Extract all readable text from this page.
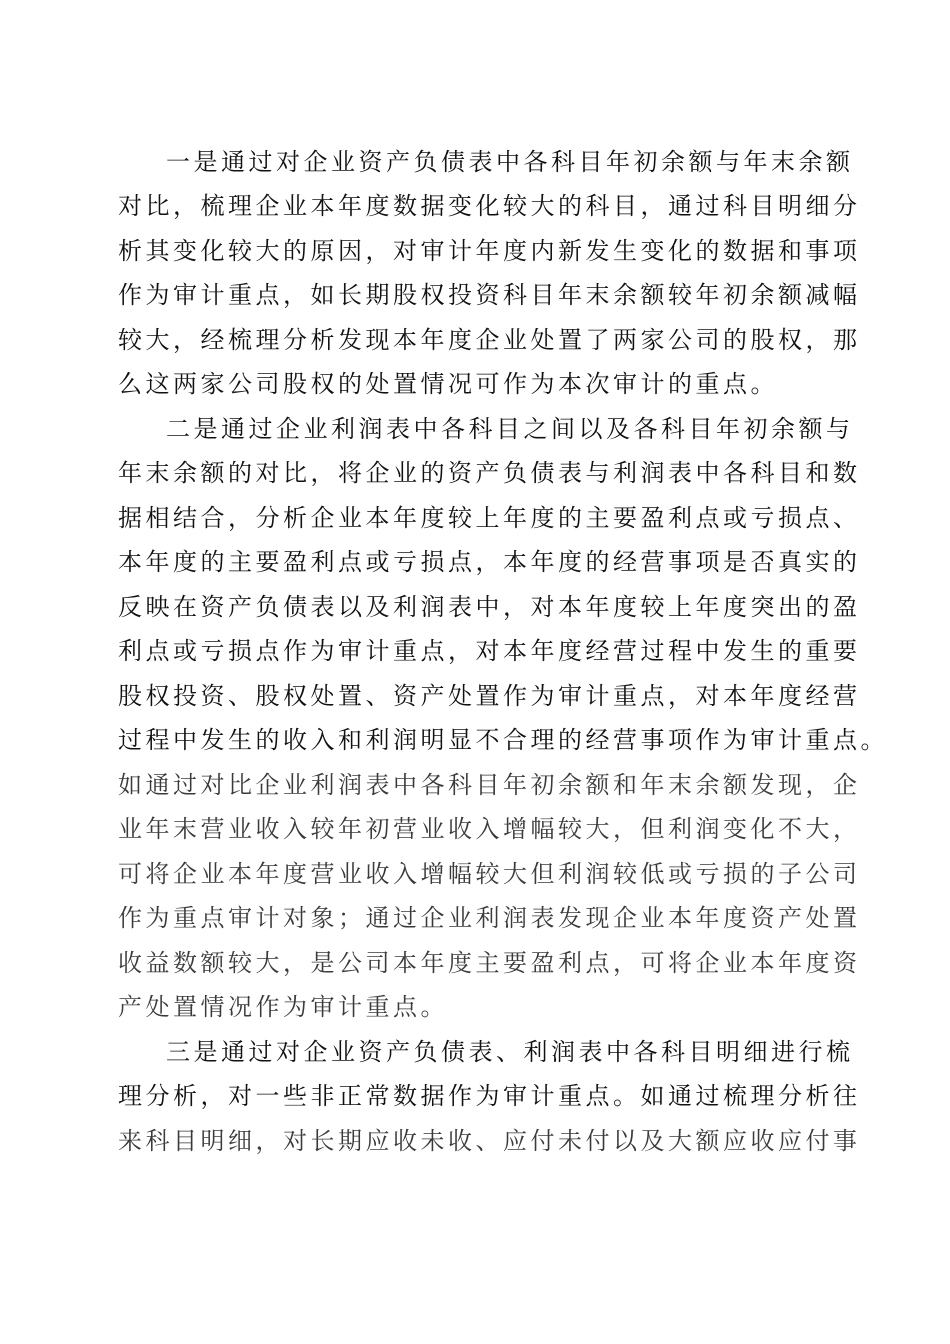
一是通过对企业资产负债表中各科目年初余额与年末余额
对比，梳理企业本年度数据变化较大的科目，通过科目明细分
析其变化较大的原因，对审计年度内新发生变化的数据和事项
作为审计重点，如长期股权投资科目年末余额较年初余额减幅
较大，经梳理分析发现本年度企业处置了两家公司的股权，那
么这两家公司股权的处置情况可作为本次审计的重点。
二是通过企业利润表中各科目之间以及各科目年初余额与
年末余额的对比，将企业的资产负债表与利润表中各科目和数
据相结合，分析企业本年度较上年度的主要盈利点或亏损点、
本年度的主要盈利点或亏损点，本年度的经营事项是否真实的
反映在资产负债表以及利润表中，对本年度较上年度突出的盈
利点或亏损点作为审计重点，对本年度经营过程中发生的重要
股权投资、股权处置、资产处置作为审计重点，对本年度经营
过程中发生的收入和利润明显不合理的经营事项作为审计重点。
如通过对比企业利润表中各科目年初余额和年末余额发现，企
业年末营业收入较年初营业收入增幅较大，但利润变化不大，
可将企业本年度营业收入增幅较大但利润较低或亏损的子公司
作为重点审计对象；通过企业利润表发现企业本年度资产处置
收益数额较大，是公司本年度主要盈利点，可将企业本年度资
产处置情况作为审计重点。
三是通过对企业资产负债表、利润表中各科目明细进行梳
理分析，对一些非正常数据作为审计重点。如通过梳理分析往
来科目明细，对长期应收未收、应付未付以及大额应收应付事
